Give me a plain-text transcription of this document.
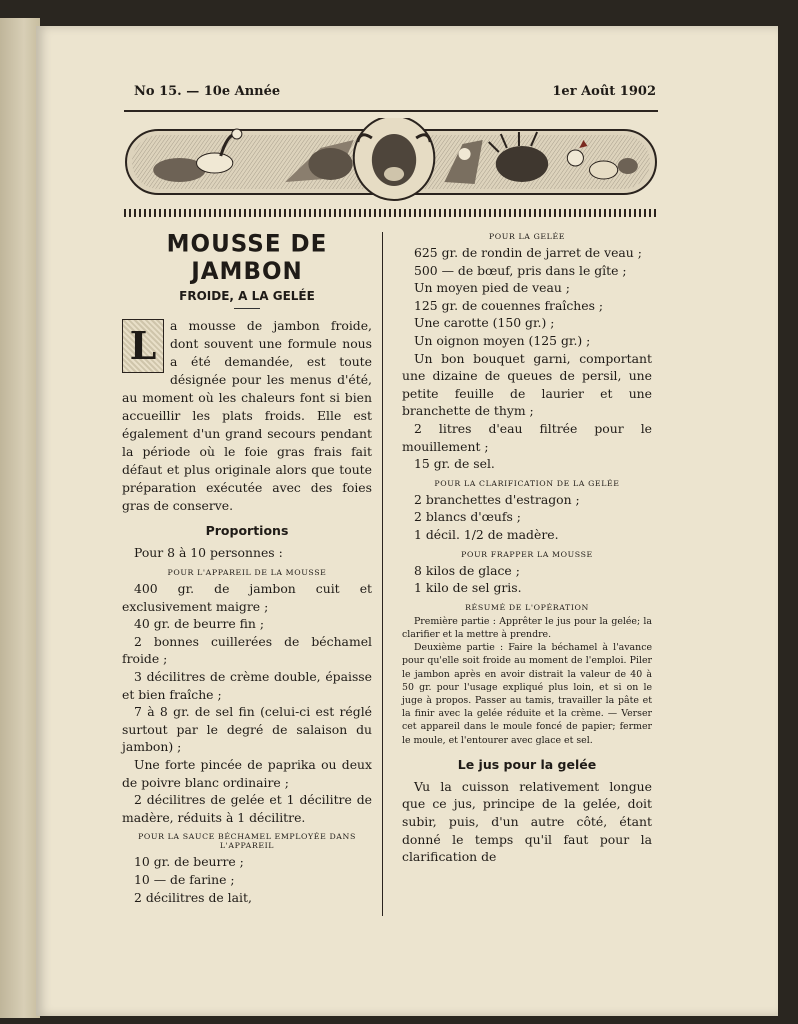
No 15. — 10e Année	1er Août 1902
MOUSSE DE JAMBON
FROIDE, A LA GELÉE

L	a mousse de jambon froide, dont souvent une formule nous a été demandée, est toute désignée pour les menus d'été, au moment où les chaleurs font si bien accueillir les plats froids. Elle est également d'un grand secours pendant la période où le foie gras frais fait défaut et plus originale alors que toute préparation exécutée avec des foies gras de conserve.

Proportions

Pour 8 à 10 personnes :

POUR L'APPAREIL DE LA MOUSSE

400 gr. de jambon cuit et exclusivement maigre ;

40 gr. de beurre fin ;

2 bonnes cuillerées de béchamel froide ;

3 décilitres de crème double, épaisse et bien fraîche ;

7 à 8 gr. de sel fin (celui-ci est réglé surtout par le degré de salaison du jambon) ;

Une forte pincée de paprika ou deux de poivre blanc ordinaire ;

2 décilitres de gelée et 1 décilitre de madère, réduits à 1 décilitre.

POUR LA SAUCE BÉCHAMEL EMPLOYÉE DANS L'APPAREIL

10 gr. de beurre ;

10 — de farine ;

2 décilitres de lait,

POUR LA GELÉE

625 gr. de rondin de jarret de veau ;

500 — de bœuf, pris dans le gîte ;

Un moyen pied de veau ;

125 gr. de couennes fraîches ;

Une carotte (150 gr.) ;

Un oignon moyen (125 gr.) ;

Un bon bouquet garni, comportant une dizaine de queues de persil, une petite feuille de laurier et une branchette de thym ;

2 litres d'eau filtrée pour le mouillement ;

15 gr. de sel.

POUR LA CLARIFICATION DE LA GELÉE

2 branchettes d'estragon ;

2 blancs d'œufs ;

1 décil. 1/2 de madère.

POUR FRAPPER LA MOUSSE

8 kilos de glace ;

1 kilo de sel gris.

RÉSUMÉ DE L'OPÉRATION

Première partie : Apprêter le jus pour la gelée; la clarifier et la mettre à prendre.

Deuxième partie : Faire la béchamel à l'avance pour qu'elle soit froide au moment de l'emploi. Piler le jambon après en avoir distrait la valeur de 40 à 50 gr. pour l'usage expliqué plus loin, et si on le juge à propos. Passer au tamis, travailler la pâte et la finir avec la gelée réduite et la crème. — Verser cet appareil dans le moule foncé de papier; fermer le moule, et l'entourer avec glace et sel.

Le jus pour la gelée

Vu la cuisson relativement longue que ce jus, principe de la gelée, doit subir, puis, d'un autre côté, étant donné le temps qu'il faut pour la clarification de
